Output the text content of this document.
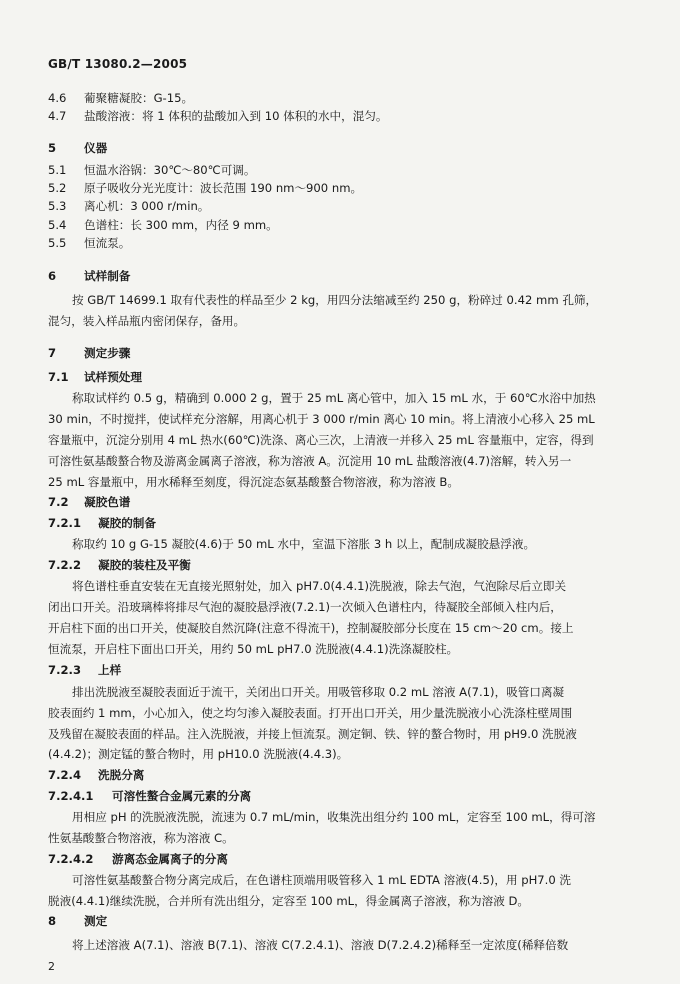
GB/T 13080.2—2005
4.6 葡聚糖凝胶：G-15。
4.7 盐酸溶液：将 1 体积的盐酸加入到 10 体积的水中，混匀。
5 仪器
5.1 恒温水浴锅：30℃～80℃可调。
5.2 原子吸收分光光度计：波长范围 190 nm～900 nm。
5.3 离心机：3 000 r/min。
5.4 色谱柱：长 300 mm，内径 9 mm。
5.5 恒流泵。
6 试样制备
按 GB/T 14699.1 取有代表性的样品至少 2 kg，用四分法缩减至约 250 g，粉碎过 0.42 mm 孔筛，
混匀，装入样品瓶内密闭保存，备用。
7 测定步骤
7.1 试样预处理
称取试样约 0.5 g，精确到 0.000 2 g，置于 25 mL 离心管中，加入 15 mL 水，于 60℃水浴中加热
30 min，不时搅拌，使试样充分溶解，用离心机于 3 000 r/min 离心 10 min。将上清液小心移入 25 mL
容量瓶中，沉淀分别用 4 mL 热水(60℃)洗涤、离心三次，上清液一并移入 25 mL 容量瓶中，定容，得到
可溶性氨基酸螯合物及游离金属离子溶液，称为溶液 A。沉淀用 10 mL 盐酸溶液(4.7)溶解，转入另一
25 mL 容量瓶中，用水稀释至刻度，得沉淀态氨基酸螯合物溶液，称为溶液 B。
7.2 凝胶色谱
7.2.1 凝胶的制备
称取约 10 g G-15 凝胶(4.6)于 50 mL 水中，室温下溶胀 3 h 以上，配制成凝胶悬浮液。
7.2.2 凝胶的装柱及平衡
将色谱柱垂直安装在无直接光照射处，加入 pH7.0(4.4.1)洗脱液，除去气泡，气泡除尽后立即关
闭出口开关。沿玻璃棒将排尽气泡的凝胶悬浮液(7.2.1)一次倾入色谱柱内，待凝胶全部倾入柱内后，
开启柱下面的出口开关，使凝胶自然沉降(注意不得流干)，控制凝胶部分长度在 15 cm～20 cm。接上
恒流泵，开启柱下面出口开关，用约 50 mL pH7.0 洗脱液(4.4.1)洗涤凝胶柱。
7.2.3 上样
排出洗脱液至凝胶表面近于流干，关闭出口开关。用吸管移取 0.2 mL 溶液 A(7.1)，吸管口离凝
胶表面约 1 mm，小心加入，使之均匀渗入凝胶表面。打开出口开关，用少量洗脱液小心洗涤柱壁周围
及残留在凝胶表面的样品。注入洗脱液，并接上恒流泵。测定铜、铁、锌的螯合物时，用 pH9.0 洗脱液
(4.4.2)；测定锰的螯合物时，用 pH10.0 洗脱液(4.4.3)。
7.2.4 洗脱分离
7.2.4.1 可溶性螯合金属元素的分离
用相应 pH 的洗脱液洗脱，流速为 0.7 mL/min，收集洗出组分约 100 mL，定容至 100 mL，得可溶
性氨基酸螯合物溶液，称为溶液 C。
7.2.4.2 游离态金属离子的分离
可溶性氨基酸螯合物分离完成后，在色谱柱顶端用吸管移入 1 mL EDTA 溶液(4.5)，用 pH7.0 洗
脱液(4.4.1)继续洗脱，合并所有洗出组分，定容至 100 mL，得金属离子溶液，称为溶液 D。
8 测定
将上述溶液 A(7.1)、溶液 B(7.1)、溶液 C(7.2.4.1)、溶液 D(7.2.4.2)稀释至一定浓度(稀释倍数
2
